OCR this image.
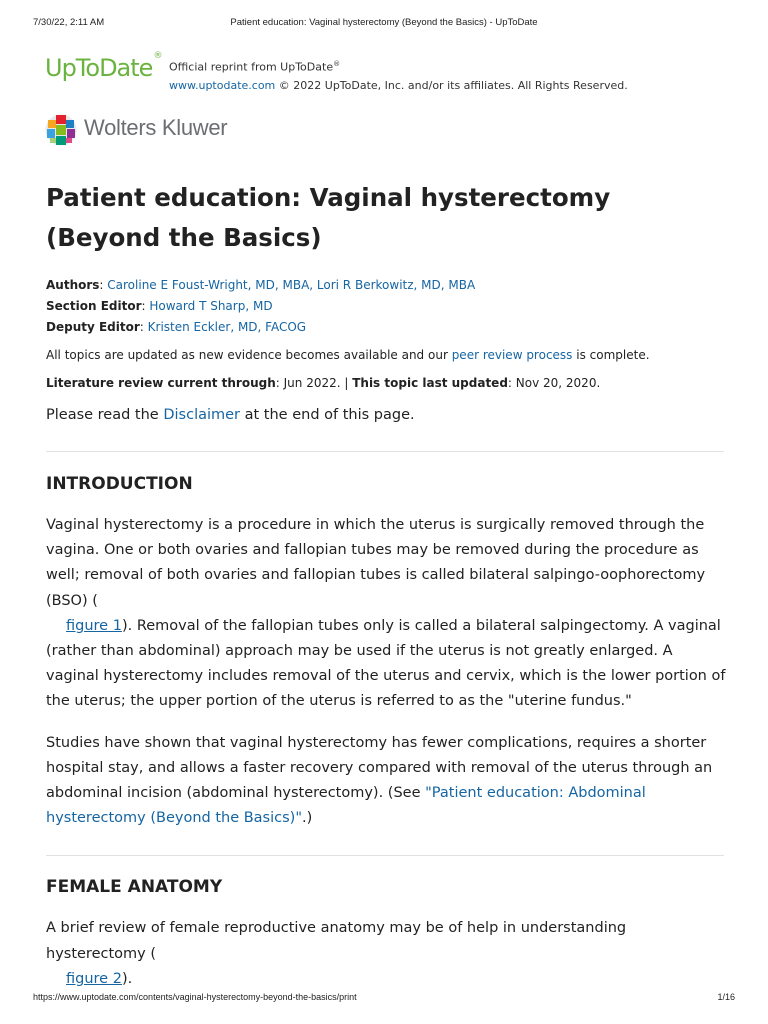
7/30/22, 2:11 AM	Patient education: Vaginal hysterectomy (Beyond the Basics) - UpToDate
UpToDate®
Official reprint from UpToDate®
www.uptodate.com © 2022 UpToDate, Inc. and/or its affiliates. All Rights Reserved.
Wolters Kluwer
Patient education: Vaginal hysterectomy (Beyond the Basics)
Authors: Caroline E Foust-Wright, MD, MBA, Lori R Berkowitz, MD, MBA
Section Editor: Howard T Sharp, MD
Deputy Editor: Kristen Eckler, MD, FACOG
All topics are updated as new evidence becomes available and our peer review process is complete.
Literature review current through: Jun 2022. | This topic last updated: Nov 20, 2020.
Please read the Disclaimer at the end of this page.
INTRODUCTION

Vaginal hysterectomy is a procedure in which the uterus is surgically removed through the vagina. One or both ovaries and fallopian tubes may be removed during the procedure as well; removal of both ovaries and fallopian tubes is called bilateral salpingo-oophorectomy (BSO) (
figure 1). Removal of the fallopian tubes only is called a bilateral salpingectomy. A vaginal (rather than abdominal) approach may be used if the uterus is not greatly enlarged. A vaginal hysterectomy includes removal of the uterus and cervix, which is the lower portion of the uterus; the upper portion of the uterus is referred to as the "uterine fundus."

Studies have shown that vaginal hysterectomy has fewer complications, requires a shorter hospital stay, and allows a faster recovery compared with removal of the uterus through an abdominal incision (abdominal hysterectomy). (See "Patient education: Abdominal hysterectomy (Beyond the Basics)".)

FEMALE ANATOMY

A brief review of female reproductive anatomy may be of help in understanding hysterectomy (
figure 2).

https://www.uptodate.com/contents/vaginal-hysterectomy-beyond-the-basics/print	1/16
